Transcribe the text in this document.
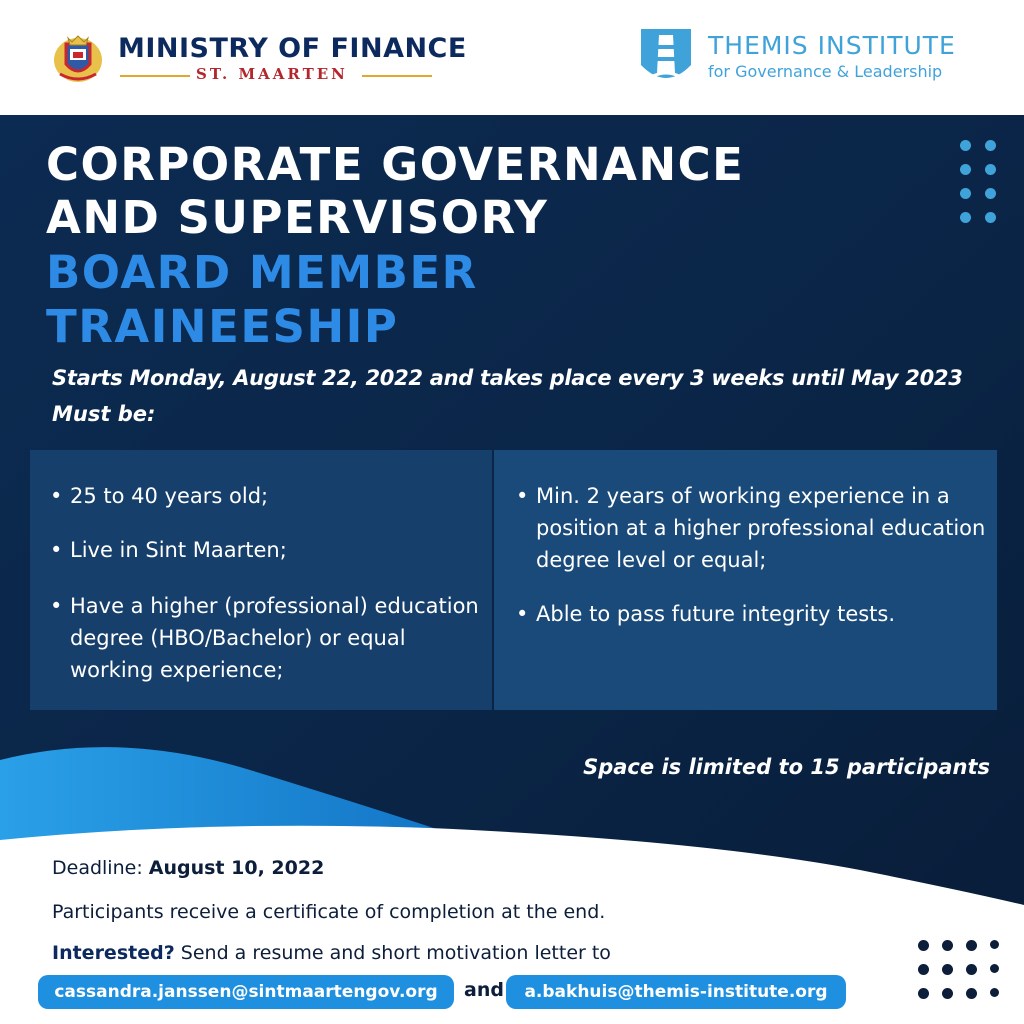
MINISTRY OF FINANCE
ST. MAARTEN
THEMIS INSTITUTE
for Governance & Leadership
CORPORATE GOVERNANCE
AND SUPERVISORY
BOARD MEMBER
TRAINEESHIP
Starts Monday, August 22, 2022 and takes place every 3 weeks until May 2023
Must be:
• 25 to 40 years old;
• Live in Sint Maarten;
• Have a higher (professional) education degree (HBO/Bachelor) or equal working experience;
• Min. 2 years of working experience in a position at a higher professional education degree level or equal;
• Able to pass future integrity tests.
Space is limited to 15 participants
Deadline: August 10, 2022
Participants receive a certificate of completion at the end.
Interested? Send a resume and short motivation letter to
cassandra.janssen@sintmaartengov.org	and	a.bakhuis@themis-institute.org
